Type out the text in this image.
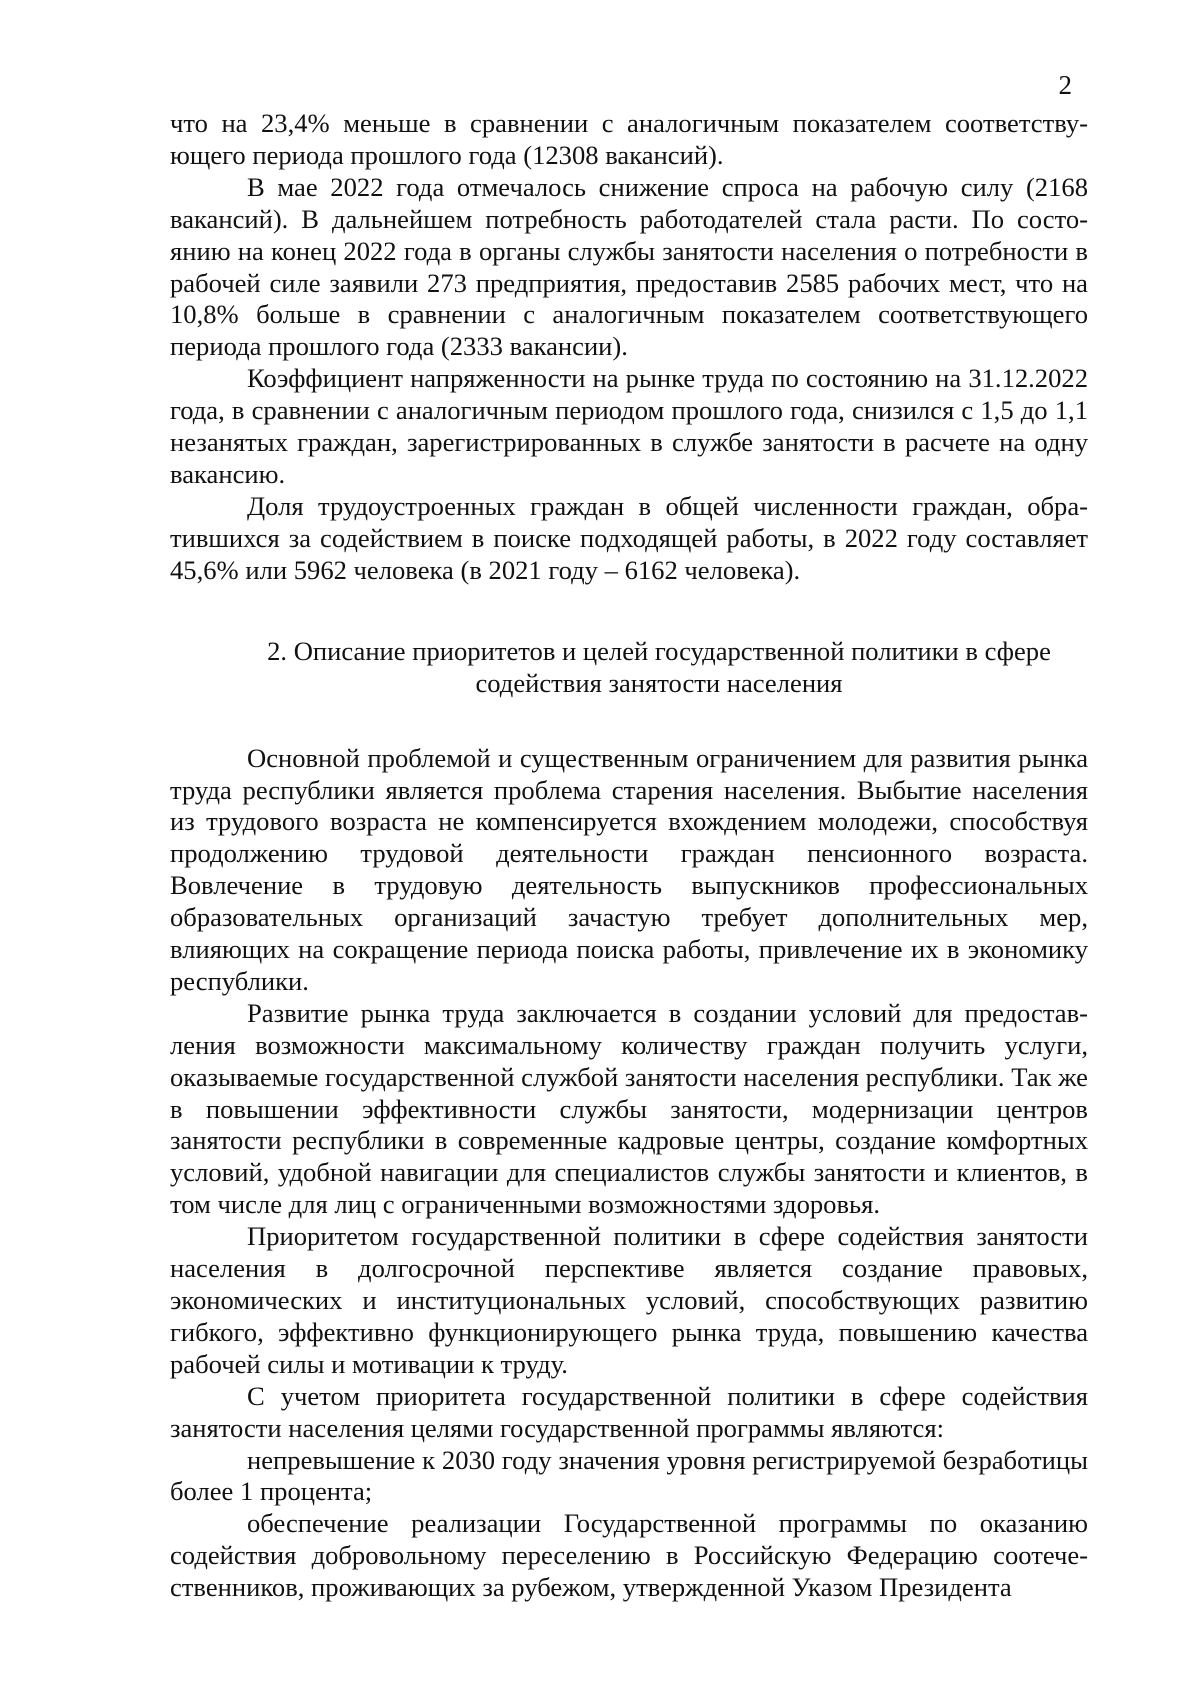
2

что на 23,4% меньше в сравнении с аналогичным показателем соответствующего периода прошлого года (12308 вакансий).

В мае 2022 года отмечалось снижение спроса на рабочую силу (2168 вакансий). В дальнейшем потребность работодателей стала расти. По состоянию на конец 2022 года в органы службы занятости населения о потребности в рабочей силе заявили 273 предприятия, предоставив 2585 рабочих мест, что на 10,8% больше в сравнении с аналогичным показателем соответствующего периода прошлого года (2333 вакансии).

Коэффициент напряженности на рынке труда по состоянию на 31.12.2022 года, в сравнении с аналогичным периодом прошлого года, снизился с 1,5 до 1,1 незанятых граждан, зарегистрированных в службе занятости в расчете на одну вакансию.

Доля трудоустроенных граждан в общей численности граждан, обратившихся за содействием в поиске подходящей работы, в 2022 году составляет 45,6% или 5962 человека (в 2021 году – 6162 человека).

2. Описание приоритетов и целей государственной политики в сфере содействия занятости населения

Основной проблемой и существенным ограничением для развития рынка труда республики является проблема старения населения. Выбытие населения из трудового возраста не компенсируется вхождением молодежи, способствуя продолжению трудовой деятельности граждан пенсионного возраста. Вовлечение в трудовую деятельность выпускников профессиональных образовательных организаций зачастую требует дополнительных мер, влияющих на сокращение периода поиска работы, привлечение их в экономику республики.

Развитие рынка труда заключается в создании условий для предоставления возможности максимальному количеству граждан получить услуги, оказываемые государственной службой занятости населения республики. Так же в повышении эффективности службы занятости, модернизации центров занятости республики в современные кадровые центры, создание комфортных условий, удобной навигации для специалистов службы занятости и клиентов, в том числе для лиц с ограниченными возможностями здоровья.

Приоритетом государственной политики в сфере содействия занятости населения в долгосрочной перспективе является создание правовых, экономических и институциональных условий, способствующих развитию гибкого, эффективно функционирующего рынка труда, повышению качества рабочей силы и мотивации к труду.

С учетом приоритета государственной политики в сфере содействия занятости населения целями государственной программы являются:

непревышение к 2030 году значения уровня регистрируемой безработицы более 1 процента;

обеспечение реализации Государственной программы по оказанию содействия добровольному переселению в Российскую Федерацию соотечественников, проживающих за рубежом, утвержденной Указом Президента
